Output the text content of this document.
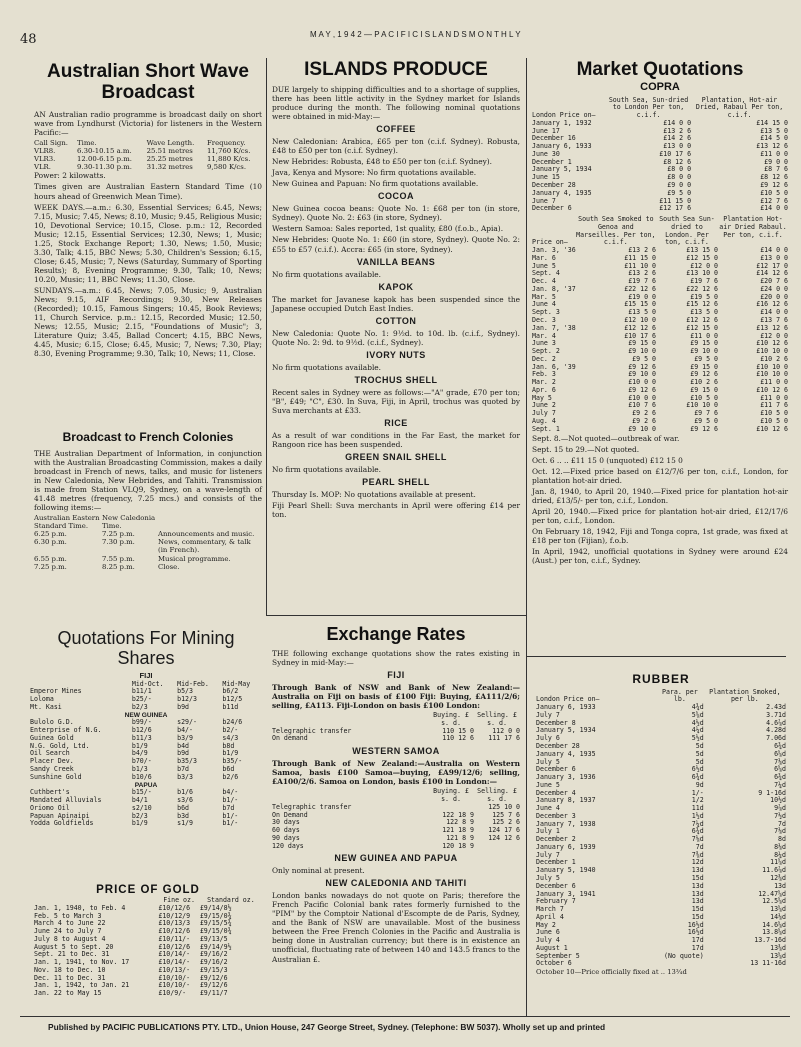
48	M A Y , 1 9 4 2 — P A C I F I C I S L A N D S M O N T H L Y
Australian Short Wave Broadcast

AN Australian radio programme is broadcast daily on short wave from Lyndhurst (Victoria) for listeners in the Western Pacific:—

Call Sign.	Time.	Wave Length.	Frequency.
VLR8.	6.30-10.15 a.m.	25.51 metres	11,760 K/cs.
VLR3.	12.00-6.15 p.m.	25.25 metres	11,880 K/cs.
VLR.	9.30-11.30 p.m.	31.32 metres	9,580 K/cs.

Power: 2 kilowatts.

Times given are Australian Eastern Standard Time (10 hours ahead of Greenwich Mean Time).

WEEK DAYS.—a.m.: 6.30, Essential Services; 6.45, News; 7.15, Music; 7.45, News; 8.10, Music; 9.45, Religious Music; 10, Devotional Service; 10.15, Close. p.m.: 12, Recorded Music; 12.15, Essential Services; 12.30, News; 1, Music; 1.25, Stock Exchange Report; 1.30, News; 1.50, Music; 3.30, Talk; 4.15, BBC News; 5.30, Children's Session; 6.15, Close; 6.45, Music; 7, News (Saturday, Summary of Sporting Results); 8, Evening Programme; 9.30, Talk; 10, News; 10.20, Music; 11, BBC News; 11.30, Close.

SUNDAYS.—a.m.: 6.45, News; 7.05, Music; 9, Australian News; 9.15, AIF Recordings; 9.30, New Releases (Recorded); 10.15, Famous Singers; 10.45, Book Reviews; 11, Church Service. p.m.: 12.15, Recorded Music; 12.50, News; 12.55, Music; 2.15, "Foundations of Music"; 3, Literature Quiz; 3.45, Ballad Concert; 4.15, BBC News, 4.45, Music; 6.15, Close; 6.45, Music; 7, News; 7.30, Play; 8.30, Evening Programme; 9.30, Talk; 10, News; 11, Close.

Broadcast to French Colonies

THE Australian Department of Information, in conjunction with the Australian Broadcasting Commission, makes a daily broadcast in French of news, talks, and music for listeners in New Caledonia, New Hebrides, and Tahiti. Transmission is made from Station VLQ9, Sydney, on a wave-length of 41.48 metres (frequency, 7.25 mcs.) and consists of the following items:—

Australian Eastern Standard Time.	New Caledonia Time.	
6.25 p.m.	7.25 p.m.	Announcements and music.
6.30 p.m.	7.30 p.m.	News, commentary, & talk (in French).
6.55 p.m.	7.55 p.m.	Musical programme.
7.25 p.m.	8.25 p.m.	Close.
Quotations For Mining Shares
FIJI
	Mid-Oct.	Mid-Feb.	Mid-May
Emperor Mines	b11/1	b5/3	b6/2
Loloma	b25/-	b12/3	b12/5
Mt. Kasi	b2/3	b9d	b11d
NEW GUINEA			
Bulolo G.D.	b99/-	s29/-	b24/6
Enterprise of N.G.	b12/6	b4/-	b2/-
Guinea Gold	b11/3	b3/9	s4/3
N.G. Gold, Ltd.	b1/9	b4d	b8d
Oil Search	b4/9	b9d	b1/9
Placer Dev.	b70/-	b35/3	b35/-
Sandy Creek	b1/3	b7d	b6d
Sunshine Gold	b10/6	b3/3	b2/6
PAPUA			
Cuthbert's	b15/-	b1/6	b4/-
Mandated Alluvials	b4/1	s3/6	b1/-
Oriomo Oil	s2/10	b6d	b7d
Papuan Apinaipi	b2/3	b3d	b1/-
Yodda Goldfields	b1/9	s1/9	b1/-
PRICE OF GOLD
	Fine oz.	Standard oz.
Jan. 1, 1940, to Feb. 4	£10/12/6	£9/14/8½
Feb. 5 to March 3	£10/12/9	£9/15/0¾
March 4 to June 22	£10/13/3	£9/15/5¾
June 24 to July 7	£10/12/6	£9/15/0¾
July 8 to August 4	£10/11/-	£9/13/5
August 5 to Sept. 20	£10/12/6	£9/14/9½
Sept. 21 to Dec. 31	£10/14/-	£9/16/2
Jan. 1, 1941, to Nov. 17	£10/14/-	£9/16/2
Nov. 18 to Dec. 10	£10/13/-	£9/15/3
Dec. 11 to Dec. 31	£10/10/-	£9/12/6
Jan. 1, 1942, to Jan. 21	£10/10/-	£9/12/6
Jan. 22 to May 15	£10/9/-	£9/11/7
ISLANDS PRODUCE

DUE largely to shipping difficulties and to a shortage of supplies, there has been little activity in the Sydney market for Islands produce during the month. The following nominal quotations were obtained in mid-May:—

COFFEE

New Caledonian: Arabica, £65 per ton (c.i.f. Sydney). Robusta, £48 to £50 per ton (c.i.f. Sydney).

New Hebrides: Robusta, £48 to £50 per ton (c.i.f. Sydney).

Java, Kenya and Mysore: No firm quotations available.

New Guinea and Papuan: No firm quotations available.

COCOA

New Guinea cocoa beans: Quote No. 1: £68 per ton (in store, Sydney). Quote No. 2: £63 (in store, Sydney).

Western Samoa: Sales reported, 1st quality, £80 (f.o.b., Apia).

New Hebrides: Quote No. 1: £60 (in store, Sydney). Quote No. 2: £55 to £57 (c.i.f.). Accra: £65 (in store, Sydney).

VANILLA BEANS

No firm quotations available.

KAPOK

The market for Javanese kapok has been suspended since the Japanese occupied Dutch East Indies.

COTTON

New Caledonia: Quote No. 1: 9½d. to 10d. lb. (c.i.f., Sydney). Quote No. 2: 9d. to 9½d. (c.i.f., Sydney).

IVORY NUTS

No firm quotations available.

TROCHUS SHELL

Recent sales in Sydney were as follows:—"A" grade, £70 per ton; "B", £49; "C", £30. In Suva, Fiji, in April, trochus was quoted by Suva merchants at £33.

RICE

As a result of war conditions in the Far East, the market for Rangoon rice has been suspended.

GREEN SNAIL SHELL

No firm quotations available.

PEARL SHELL

Thursday Is. MOP: No quotations available at present.

Fiji Pearl Shell: Suva merchants in April were offering £14 per ton.

Exchange Rates

THE following exchange quotations show the rates existing in Sydney in mid-May:—

FIJI

Through Bank of NSW and Bank of New Zealand:—Australia on Fiji on basis of £100 Fiji: Buying, £A111/2/6; selling, £A113. Fiji-London on basis £100 London:

	Buying. £ s. d.	Selling. £ s. d.
Telegraphic transfer	110 15 0	112 0 0
On demand	110 12 6	111 17 6
WESTERN SAMOA

Through Bank of New Zealand:—Australia on Western Samoa, basis £100 Samoa—buying, £A99/12/6; selling, £A100/2/6. Samoa on London, basis £100 in London:—

	Buying. £ s. d.	Selling. £ s. d.
Telegraphic transfer		125 10 0
On Demand	122 18 9	125 7 6
30 days	122 8 9	125 2 6
60 days	121 18 9	124 17 6
90 days	121 8 9	124 12 6
120 days	120 18 9	
NEW GUINEA AND PAPUA

Only nominal at present.

NEW CALEDONIA AND TAHITI

London banks nowadays do not quote on Paris; therefore the French Pacific Colonial bank rates formerly furnished to the "PIM" by the Comptoir National d'Escompte de de Paris, Sydney, and the Bank of NSW are unavailable. Most of the business between the Free French Colonies in the Pacific and Australia is being done in Australian currency; but there is in existence an unofficial, fluctuating rate of between 140 and 143.5 francs to the Australian £.

Market Quotations
COPRA
London Price on—	South Sea, Sun-dried to London Per ton, c.i.f.	Plantation, Hot-air Dried, Rabaul Per ton, c.i.f.
January 1, 1932	£14 0 0	£14 15 0
June 17	£13 2 6	£13 5 0
December 16	£14 2 6	£14 5 0
January 6, 1933	£13 0 0	£13 12 6
June 30	£10 17 6	£11 0 0
December 1	£8 12 6	£9 0 0
January 5, 1934	£8 0 0	£8 7 6
June 15	£8 0 0	£8 12 6
December 28	£9 0 0	£9 12 6
January 4, 1935	£9 5 0	£10 5 0
June 7	£11 15 0	£12 7 6
December 6	£12 17 6	£14 0 0
Price on—	South Sea Smoked to Genoa and Marseilles. Per ton, c.i.f.	South Sea Sun-dried to London. Per ton, c.i.f.	Plantation Hot-air Dried Rabaul. Per ton, c.i.f.
Jan. 3, '36	£13 2 6	£13 15 0	£14 0 0
Mar. 6	£11 15 0	£12 15 0	£13 0 0
June 5	£11 10 0	£12 0 0	£12 17 0
Sept. 4	£13 2 6	£13 10 0	£14 12 6
Dec. 4	£19 7 6	£19 7 6	£20 7 6
Jan. 8, '37	£22 12 6	£22 12 6	£24 0 0
Mar. 5	£19 0 0	£19 5 0	£20 0 0
June 4	£15 15 0	£15 12 6	£16 12 6
Sept. 3	£13 5 0	£13 5 0	£14 0 0
Dec. 3	£12 10 0	£12 12 6	£13 7 6
Jan. 7, '38	£12 12 6	£12 15 0	£13 12 6
Mar. 4	£10 17 6	£11 0 0	£12 0 0
June 3	£9 15 0	£9 15 0	£10 12 6
Sept. 2	£9 10 0	£9 10 0	£10 10 0
Dec. 2	£9 5 0	£9 5 0	£10 2 6
Jan. 6, '39	£9 12 6	£9 15 0	£10 10 0
Feb. 3	£9 10 0	£9 12 6	£10 10 0
Mar. 2	£10 0 0	£10 2 6	£11 0 0
Apr. 6	£9 12 6	£9 15 0	£10 12 6
May 5	£10 0 0	£10 5 0	£11 0 0
June 2	£10 7 6	£10 10 0	£11 7 6
July 7	£9 2 6	£9 7 6	£10 5 0
Aug. 4	£9 2 6	£9 5 0	£10 5 0
Sept. 1	£9 10 0	£9 12 6	£10 12 6

Sept. 8.—Not quoted—outbreak of war.

Sept. 15 to 29.—Not quoted.

Oct. 6 .. .. £11 15 0 (unquoted) £12 15 0

Oct. 12.—Fixed price based on £12/7/6 per ton, c.i.f., London, for plantation hot-air dried.

Jan. 8, 1940, to April 20, 1940.—Fixed price for plantation hot-air dried, £13/5/- per ton, c.i.f., London.

April 20, 1940.—Fixed price for plantation hot-air dried, £12/17/6 per ton, c.i.f., London.

On February 18, 1942, Fiji and Tonga copra, 1st grade, was fixed at £18 per ton (Fijian), f.o.b.

In April, 1942, unofficial quotations in Sydney were around £24 (Aust.) per ton, c.i.f., Sydney.

RUBBER
London Price on—	Para. per lb.	Plantation Smoked, per lb.
January 6, 1933	4¾d	2.43d
July 7	5⅝d	3.71d
December 8	4½d	4.6⅞d
January 5, 1934	4¼d	4.28d
July 6	5½d	7.06d
December 28	5d	6¾d
January 4, 1935	5d	6⅝d
July 5	5d	7⅛d
December 6	6½d	6⅝d
January 3, 1936	6¾d	6¾d
June 5	9d	7¼d
December 4	1/-	9 1-16d
January 8, 1937	1/2	10½d
June 4	11d	9⅞d
December 3	1½d	7½d
January 7, 1938	7¼d	7d
July 1	6¾d	7⅛d
December 2	7⅛d	8d
January 6, 1939	7d	8⅛d
July 7	7⅜d	8¼d
December 1	12d	11⅝d
January 5, 1940	13d	11.6⅞d
July 5	15d	12⅜d
December 6	13d	13d
January 3, 1941	13d	12.47⅝d
February 7	13d	12.5⅝d
March 7	15d	13⅝d
April 4	15d	14⅛d
May 2	16½d	14.6⅝d
June 6	16½d	13.8⅝d
July 4	17d	13.7-16d
August 1	17d	13⅜d
September 5	(No quote)	13⅝d
October 6		13 11-16d
October 10—Price officially fixed at .. 13¾d
Published by PACIFIC PUBLICATIONS PTY. LTD., Union House, 247 George Street, Sydney. (Telephone: BW 5037). Wholly set up and printed
